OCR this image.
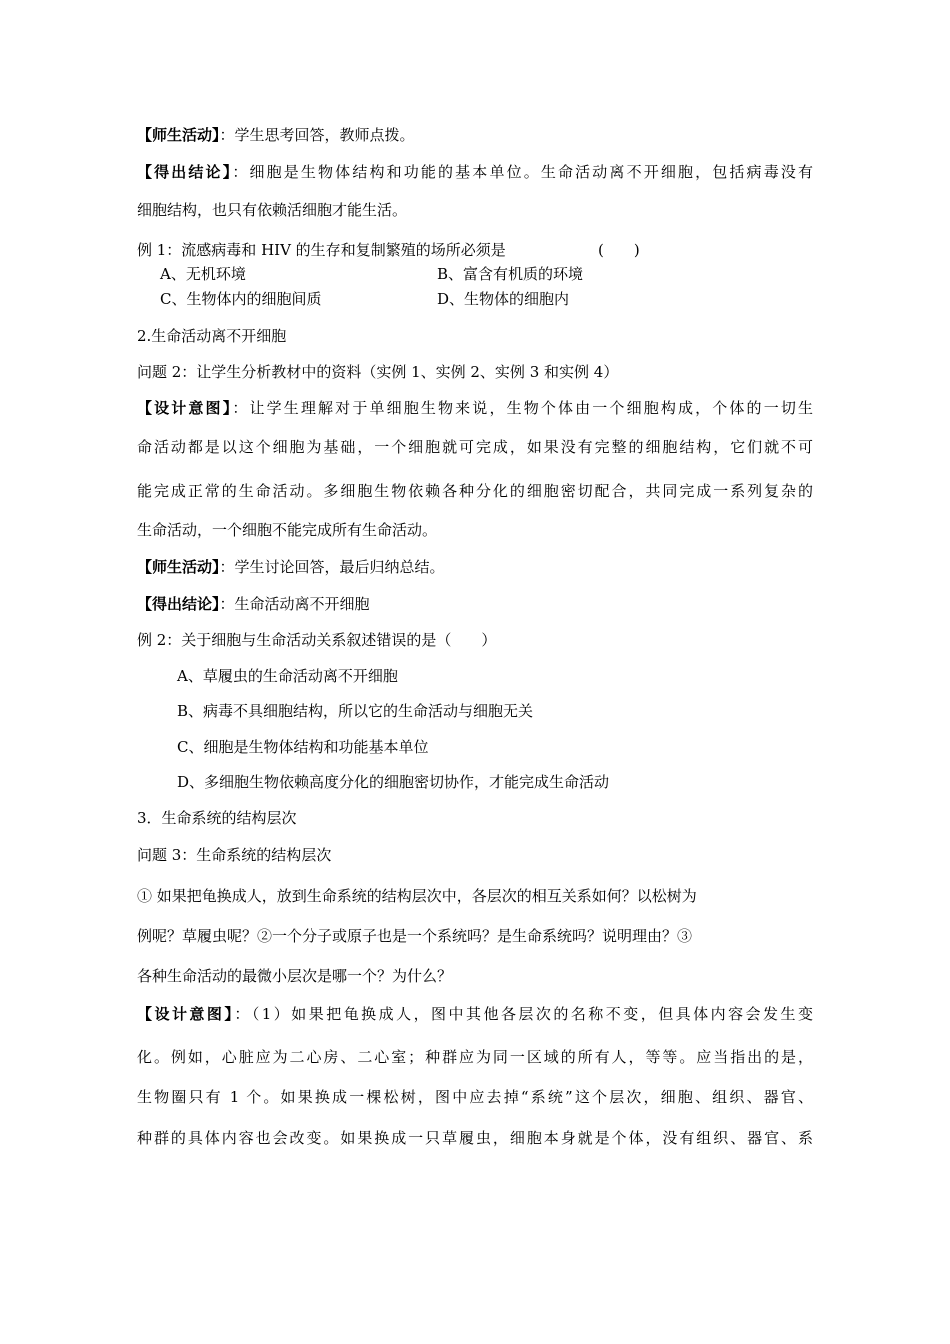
【师生活动】：学生思考回答，教师点拨。
【得出结论】：细胞是生物体结构和功能的基本单位。生命活动离不开细胞，包括病毒没有
细胞结构，也只有依赖活细胞才能生活。
例 1：流感病毒和 HIV 的生存和复制繁殖的场所必须是	(　　)
A、无机环境	B、富含有机质的环境
C、生物体内的细胞间质	D、生物体的细胞内
2.生命活动离不开细胞
问题 2：让学生分析教材中的资料（实例 1、实例 2、实例 3 和实例 4）
【设计意图】：让学生理解对于单细胞生物来说，生物个体由一个细胞构成，个体的一切生
命活动都是以这个细胞为基础，一个细胞就可完成，如果没有完整的细胞结构，它们就不可
能完成正常的生命活动。多细胞生物依赖各种分化的细胞密切配合，共同完成一系列复杂的
生命活动，一个细胞不能完成所有生命活动。
【师生活动】：学生讨论回答，最后归纳总结。
【得出结论】：生命活动离不开细胞
例 2：关于细胞与生命活动关系叙述错误的是（　　）
A、草履虫的生命活动离不开细胞
B、病毒不具细胞结构，所以它的生命活动与细胞无关
C、细胞是生物体结构和功能基本单位
D、多细胞生物依赖高度分化的细胞密切协作，才能完成生命活动
3．生命系统的结构层次
问题 3：生命系统的结构层次
① 如果把龟换成人，放到生命系统的结构层次中，各层次的相互关系如何？以松树为
例呢？草履虫呢？②一个分子或原子也是一个系统吗？是生命系统吗？说明理由？③
各种生命活动的最微小层次是哪一个？为什么？
【设计意图】：（1）如果把龟换成人，图中其他各层次的名称不变，但具体内容会发生变
化。例如，心脏应为二心房、二心室；种群应为同一区域的所有人，等等。应当指出的是，
生物圈只有 1 个。如果换成一棵松树，图中应去掉“系统”这个层次，细胞、组织、器官、
种群的具体内容也会改变。如果换成一只草履虫，细胞本身就是个体，没有组织、器官、系
